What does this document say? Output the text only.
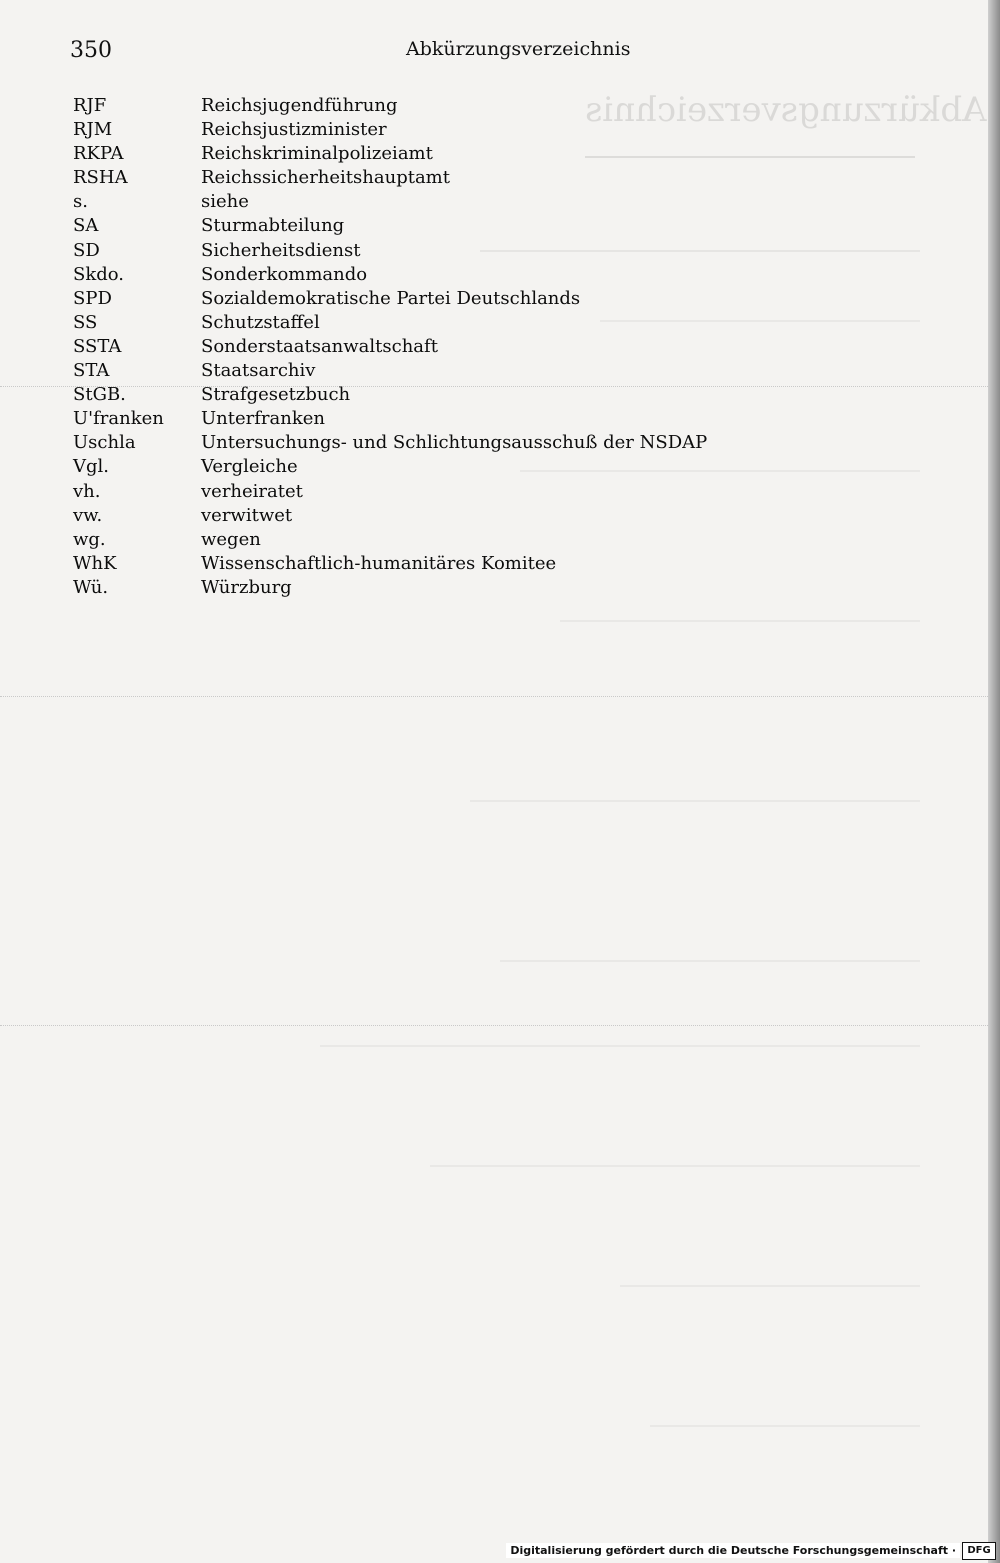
Abkürzungsverzeichnis
350	Abkürzungsverzeichnis
RJF	Reichsjugendführung
RJM	Reichsjustizminister
RKPA	Reichskriminalpolizeiamt
RSHA	Reichssicherheitshauptamt
s.	siehe
SA	Sturmabteilung
SD	Sicherheitsdienst
Skdo.	Sonderkommando
SPD	Sozialdemokratische Partei Deutschlands
SS	Schutzstaffel
SSTA	Sonderstaatsanwaltschaft
STA	Staatsarchiv
StGB.	Strafgesetzbuch
U'franken Unterfranken
Uschla	Untersuchungs- und Schlichtungsausschuß der NSDAP
Vgl.	Vergleiche
vh.	verheiratet
vw.	verwitwet
wg.	wegen
WhK	Wissenschaftlich-humanitäres Komitee
Wü.	Würzburg
Digitalisierung gefördert durch die Deutsche Forschungsgemeinschaft ·	DFG
